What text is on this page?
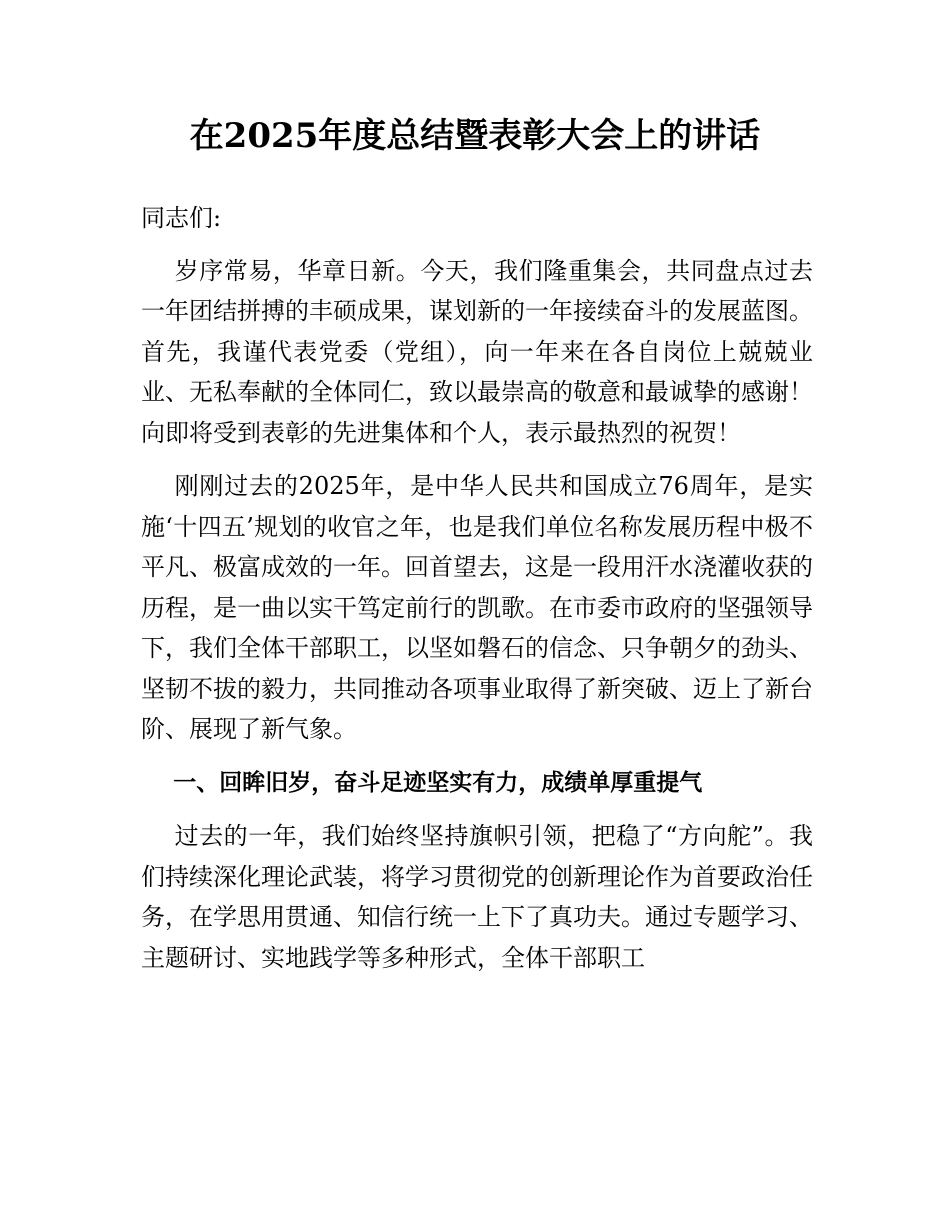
在2025年度总结暨表彰大会上的讲话

同志们:

岁序常易，华章日新。今天，我们隆重集会，共同盘点过去一年团结拼搏的丰硕成果，谋划新的一年接续奋斗的发展蓝图。首先，我谨代表党委（党组），向一年来在各自岗位上兢兢业业、无私奉献的全体同仁，致以最崇高的敬意和最诚挚的感谢！向即将受到表彰的先进集体和个人，表示最热烈的祝贺！

刚刚过去的2025年，是中华人民共和国成立76周年，是实施‘十四五’规划的收官之年，也是我们单位名称发展历程中极不平凡、极富成效的一年。回首望去，这是一段用汗水浇灌收获的历程，是一曲以实干笃定前行的凯歌。在市委市政府的坚强领导下，我们全体干部职工，以坚如磐石的信念、只争朝夕的劲头、坚韧不拔的毅力，共同推动各项事业取得了新突破、迈上了新台阶、展现了新气象。

一、回眸旧岁，奋斗足迹坚实有力，成绩单厚重提气

过去的一年，我们始终坚持旗帜引领，把稳了“方向舵”。我们持续深化理论武装，将学习贯彻党的创新理论作为首要政治任务，在学思用贯通、知信行统一上下了真功夫。通过专题学习、主题研讨、实地践学等多种形式，全体干部职工
